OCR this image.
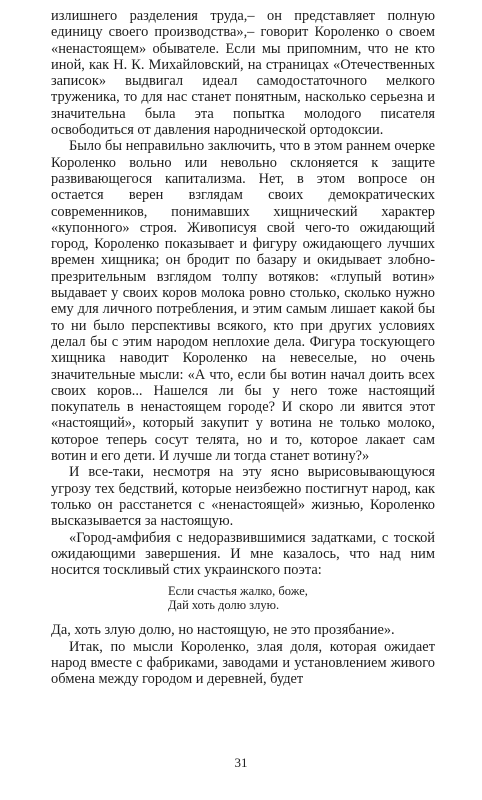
излишнего разделения труда,– он представляет полную единицу своего производства»,– говорит Короленко о своем «ненастоящем» обывателе. Если мы припомним, что не кто иной, как Н. К. Михайловский, на страницах «Отечественных записок» выдвигал идеал самодостаточного мелкого труженика, то для нас станет понятным, насколько серьезна и значительна была эта попытка молодого писателя освободиться от давления народнической ортодоксии.

Было бы неправильно заключить, что в этом раннем очерке Короленко вольно или невольно склоняется к защите развивающегося капитализма. Нет, в этом вопросе он остается верен взглядам своих демократических современников, понимавших хищнический характер «купонного» строя. Живописуя свой чего-то ожидающий город, Короленко показывает и фигуру ожидающего лучших времен хищника; он бродит по базару и окидывает злобно-презрительным взглядом толпу вотяков: «глупый вотин» выдавает у своих коров молока ровно столько, сколько нужно ему для личного потребления, и этим самым лишает какой бы то ни было перспективы всякого, кто при других условиях делал бы с этим народом неплохие дела. Фигура тоскующего хищника наводит Короленко на невеселые, но очень значительные мысли: «А что, если бы вотин начал доить всех своих коров... Нашелся ли бы у него тоже настоящий покупатель в ненастоящем городе? И скоро ли явится этот «настоящий», который закупит у вотина не только молоко, которое теперь сосут телята, но и то, которое лакает сам вотин и его дети. И лучше ли тогда станет вотину?»

И все-таки, несмотря на эту ясно вырисовывающуюся угрозу тех бедствий, которые неизбежно постигнут народ, как только он расстанется с «ненастоящей» жизнью, Короленко высказывается за настоящую.

«Город-амфибия с недоразвившимися задатками, с тоской ожидающими завершения. И мне казалось, что над ним носится тоскливый стих украинского поэта:

Если счастья жалко, боже,
Дай хоть долю злую.

Да, хоть злую долю, но настоящую, не это прозябание».

Итак, по мысли Короленко, злая доля, которая ожидает народ вместе с фабриками, заводами и установлением живого обмена между городом и деревней, будет

31
